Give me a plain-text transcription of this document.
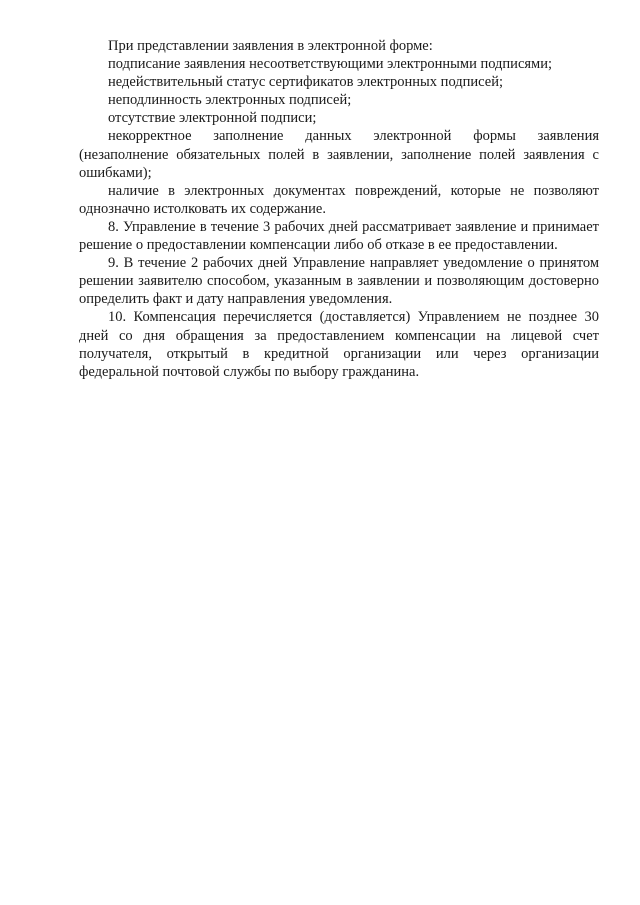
При представлении заявления в электронной форме:

подписание заявления несоответствующими электронными подписями;

недействительный статус сертификатов электронных подписей;

неподлинность электронных подписей;

отсутствие электронной подписи;

некорректное заполнение данных электронной формы заявления (незаполнение обязательных полей в заявлении, заполнение полей заявления с ошибками);

наличие в электронных документах повреждений, которые не позволяют однозначно истолковать их содержание.

8. Управление в течение 3 рабочих дней рассматривает заявление и принимает решение о предоставлении компенсации либо об отказе в ее предоставлении.

9. В течение 2 рабочих дней Управление направляет уведомление о принятом решении заявителю способом, указанным в заявлении и позволяющим достоверно определить факт и дату направления уведомления.

10. Компенсация перечисляется (доставляется) Управлением не позднее 30 дней со дня обращения за предоставлением компенсации на лицевой счет получателя, открытый в кредитной организации или через организации федеральной почтовой службы по выбору гражданина.
